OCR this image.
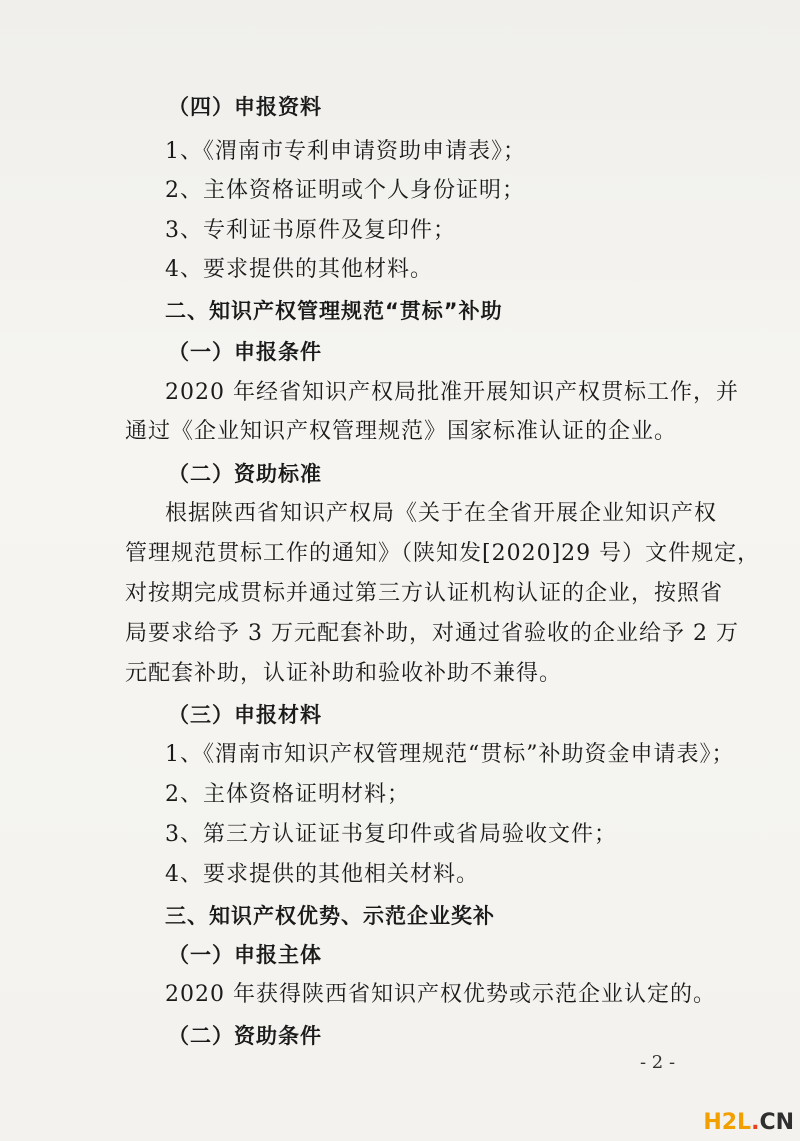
（四）申报资料
1、《渭南市专利申请资助申请表》；
2、主体资格证明或个人身份证明；
3、专利证书原件及复印件；
4、要求提供的其他材料。
二、知识产权管理规范“贯标”补助
（一）申报条件
2020 年经省知识产权局批准开展知识产权贯标工作，并
通过《企业知识产权管理规范》国家标准认证的企业。
（二）资助标准
根据陕西省知识产权局《关于在全省开展企业知识产权
管理规范贯标工作的通知》（陕知发[2020]29 号）文件规定，
对按期完成贯标并通过第三方认证机构认证的企业，按照省
局要求给予 3 万元配套补助，对通过省验收的企业给予 2 万
元配套补助，认证补助和验收补助不兼得。
（三）申报材料
1、《渭南市知识产权管理规范“贯标”补助资金申请表》；
2、主体资格证明材料；
3、第三方认证证书复印件或省局验收文件；
4、要求提供的其他相关材料。
三、知识产权优势、示范企业奖补
（一）申报主体
2020 年获得陕西省知识产权优势或示范企业认定的。
（二）资助条件
- 2 -
H2L.CN
